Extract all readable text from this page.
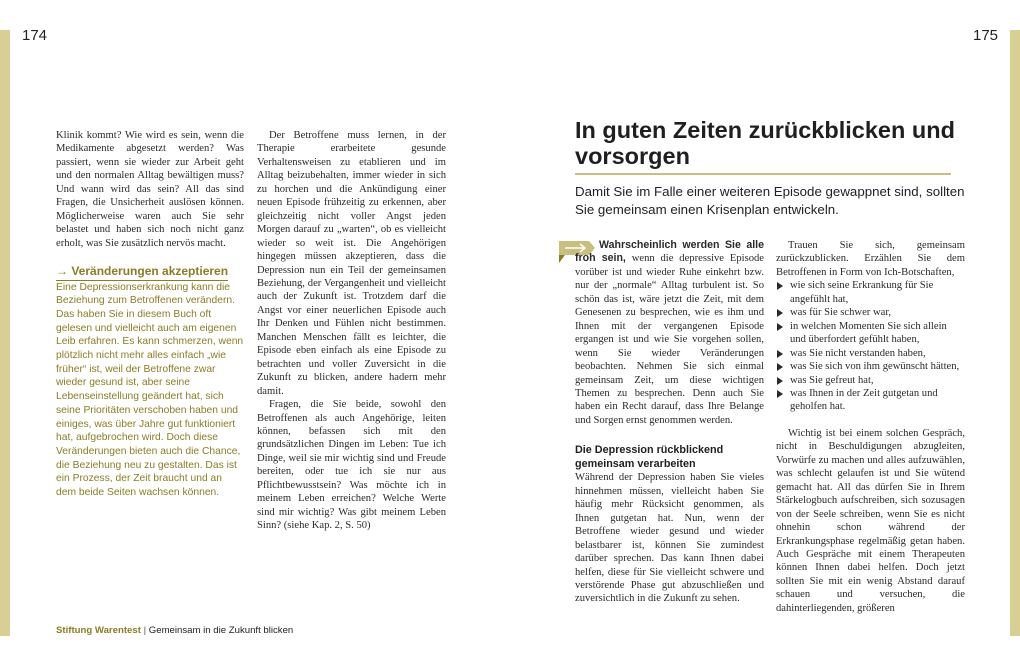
174	175

Klinik kommt? Wie wird es sein, wenn die Medikamente abgesetzt werden? Was passiert, wenn sie wieder zur Arbeit geht und den normalen Alltag bewältigen muss? Und wann wird das sein? All das sind Fragen, die Unsicherheit auslösen können. Möglicherweise waren auch Sie sehr belastet und haben sich noch nicht ganz erholt, was Sie zusätzlich nervös macht.

→ Veränderungen akzeptieren

Eine Depressionserkrankung kann die Beziehung zum Betroffenen verändern. Das haben Sie in diesem Buch oft gelesen und vielleicht auch am eigenen Leib erfahren. Es kann schmerzen, wenn plötzlich nicht mehr alles einfach „wie früher“ ist, weil der Betroffene zwar wieder gesund ist, aber seine Lebenseinstellung geändert hat, sich seine Prioritäten verschoben haben und einiges, was über Jahre gut funktioniert hat, aufgebrochen wird. Doch diese Veränderungen bieten auch die Chance, die Beziehung neu zu gestalten. Das ist ein Prozess, der Zeit braucht und an dem beide Seiten wachsen können.

Der Betroffene muss lernen, in der Therapie erarbeitete gesunde Verhaltensweisen zu etablieren und im Alltag beizubehalten, immer wieder in sich zu horchen und die Ankündigung einer neuen Episode frühzeitig zu erkennen, aber gleichzeitig nicht voller Angst jeden Morgen darauf zu „warten“, ob es vielleicht wieder so weit ist. Die Angehörigen hingegen müssen akzeptieren, dass die Depression nun ein Teil der gemeinsamen Beziehung, der Vergangenheit und vielleicht auch der Zukunft ist. Trotzdem darf die Angst vor einer neuerlichen Episode auch Ihr Denken und Fühlen nicht bestimmen. Manchen Menschen fällt es leichter, die Episode eben einfach als eine Episode zu betrachten und voller Zuversicht in die Zukunft zu blicken, andere hadern mehr damit.

Fragen, die Sie beide, sowohl den Betroffenen als auch Angehörige, leiten können, befassen sich mit den grundsätzlichen Dingen im Leben: Tue ich Dinge, weil sie mir wichtig sind und Freude bereiten, oder tue ich sie nur aus Pflichtbewusstsein? Was möchte ich in meinem Leben erreichen? Welche Werte sind mir wichtig? Was gibt meinem Leben Sinn? (siehe Kap. 2, S. 50)

In guten Zeiten zurückblicken und vorsorgen
Damit Sie im Falle einer weiteren Episode gewappnet sind, sollten Sie gemeinsam einen Krisenplan entwickeln.

Wahrscheinlich werden Sie alle froh sein, wenn die depressive Episode vorüber ist und wieder Ruhe einkehrt bzw. nur der „normale“ Alltag turbulent ist. So schön das ist, wäre jetzt die Zeit, mit dem Genesenen zu besprechen, wie es ihm und Ihnen mit der vergangenen Episode ergangen ist und wie Sie vorgehen sollen, wenn Sie wieder Veränderungen beobachten. Nehmen Sie sich einmal gemeinsam Zeit, um diese wichtigen Themen zu besprechen. Denn auch Sie haben ein Recht darauf, dass Ihre Belange und Sorgen ernst genommen werden.

Die Depression rückblickend gemeinsam verarbeiten

Während der Depression haben Sie vieles hinnehmen müssen, vielleicht haben Sie häufig mehr Rücksicht genommen, als Ihnen gutgetan hat. Nun, wenn der Betroffene wieder gesund und wieder belastbarer ist, können Sie zumindest darüber sprechen. Das kann Ihnen dabei helfen, diese für Sie vielleicht schwere und verstörende Phase gut abzuschließen und zuversichtlich in die Zukunft zu sehen.

Trauen Sie sich, gemeinsam zurückzublicken. Erzählen Sie dem Betroffenen in Form von Ich-Botschaften,

wie sich seine Erkrankung für Sie angefühlt hat,
was für Sie schwer war,
in welchen Momenten Sie sich allein und überfordert gefühlt haben,
was Sie nicht verstanden haben,
was Sie sich von ihm gewünscht hätten,
was Sie gefreut hat,
was Ihnen in der Zeit gutgetan und geholfen hat.

Wichtig ist bei einem solchen Gespräch, nicht in Beschuldigungen abzugleiten, Vorwürfe zu machen und alles aufzuwählen, was schlecht gelaufen ist und Sie wütend gemacht hat. All das dürfen Sie in Ihrem Stärkelogbuch aufschreiben, sich sozusagen von der Seele schreiben, wenn Sie es nicht ohnehin schon während der Erkrankungsphase regelmäßig getan haben. Auch Gespräche mit einem Therapeuten können Ihnen dabei helfen. Doch jetzt sollten Sie mit ein wenig Abstand darauf schauen und versuchen, die dahinterliegenden, größeren

Stiftung Warentest | Gemeinsam in die Zukunft blicken
